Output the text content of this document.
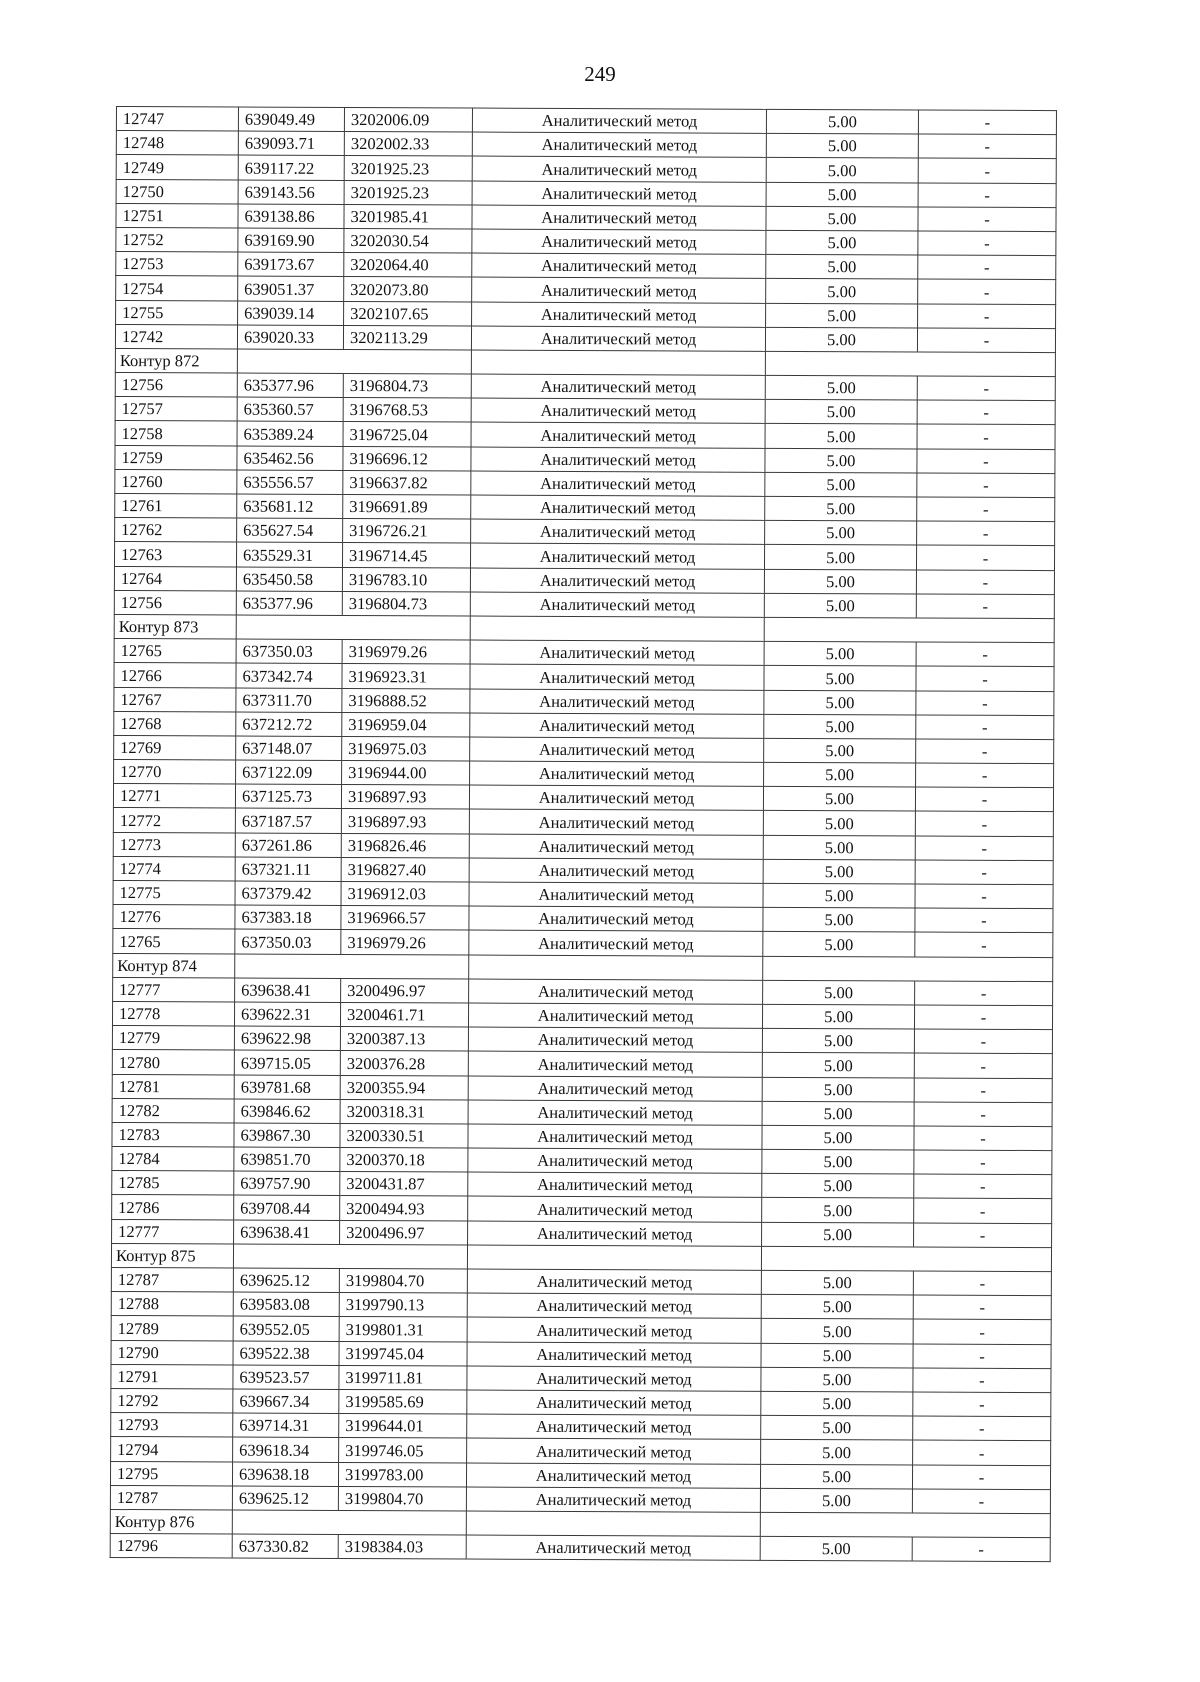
249
12747	639049.49	3202006.09	Аналитический метод	5.00	-
12748	639093.71	3202002.33	Аналитический метод	5.00	-
12749	639117.22	3201925.23	Аналитический метод	5.00	-
12750	639143.56	3201925.23	Аналитический метод	5.00	-
12751	639138.86	3201985.41	Аналитический метод	5.00	-
12752	639169.90	3202030.54	Аналитический метод	5.00	-
12753	639173.67	3202064.40	Аналитический метод	5.00	-
12754	639051.37	3202073.80	Аналитический метод	5.00	-
12755	639039.14	3202107.65	Аналитический метод	5.00	-
12742	639020.33	3202113.29	Аналитический метод	5.00	-
Контур 872					
12756	635377.96	3196804.73	Аналитический метод	5.00	-
12757	635360.57	3196768.53	Аналитический метод	5.00	-
12758	635389.24	3196725.04	Аналитический метод	5.00	-
12759	635462.56	3196696.12	Аналитический метод	5.00	-
12760	635556.57	3196637.82	Аналитический метод	5.00	-
12761	635681.12	3196691.89	Аналитический метод	5.00	-
12762	635627.54	3196726.21	Аналитический метод	5.00	-
12763	635529.31	3196714.45	Аналитический метод	5.00	-
12764	635450.58	3196783.10	Аналитический метод	5.00	-
12756	635377.96	3196804.73	Аналитический метод	5.00	-
Контур 873					
12765	637350.03	3196979.26	Аналитический метод	5.00	-
12766	637342.74	3196923.31	Аналитический метод	5.00	-
12767	637311.70	3196888.52	Аналитический метод	5.00	-
12768	637212.72	3196959.04	Аналитический метод	5.00	-
12769	637148.07	3196975.03	Аналитический метод	5.00	-
12770	637122.09	3196944.00	Аналитический метод	5.00	-
12771	637125.73	3196897.93	Аналитический метод	5.00	-
12772	637187.57	3196897.93	Аналитический метод	5.00	-
12773	637261.86	3196826.46	Аналитический метод	5.00	-
12774	637321.11	3196827.40	Аналитический метод	5.00	-
12775	637379.42	3196912.03	Аналитический метод	5.00	-
12776	637383.18	3196966.57	Аналитический метод	5.00	-
12765	637350.03	3196979.26	Аналитический метод	5.00	-
Контур 874					
12777	639638.41	3200496.97	Аналитический метод	5.00	-
12778	639622.31	3200461.71	Аналитический метод	5.00	-
12779	639622.98	3200387.13	Аналитический метод	5.00	-
12780	639715.05	3200376.28	Аналитический метод	5.00	-
12781	639781.68	3200355.94	Аналитический метод	5.00	-
12782	639846.62	3200318.31	Аналитический метод	5.00	-
12783	639867.30	3200330.51	Аналитический метод	5.00	-
12784	639851.70	3200370.18	Аналитический метод	5.00	-
12785	639757.90	3200431.87	Аналитический метод	5.00	-
12786	639708.44	3200494.93	Аналитический метод	5.00	-
12777	639638.41	3200496.97	Аналитический метод	5.00	-
Контур 875					
12787	639625.12	3199804.70	Аналитический метод	5.00	-
12788	639583.08	3199790.13	Аналитический метод	5.00	-
12789	639552.05	3199801.31	Аналитический метод	5.00	-
12790	639522.38	3199745.04	Аналитический метод	5.00	-
12791	639523.57	3199711.81	Аналитический метод	5.00	-
12792	639667.34	3199585.69	Аналитический метод	5.00	-
12793	639714.31	3199644.01	Аналитический метод	5.00	-
12794	639618.34	3199746.05	Аналитический метод	5.00	-
12795	639638.18	3199783.00	Аналитический метод	5.00	-
12787	639625.12	3199804.70	Аналитический метод	5.00	-
Контур 876					
12796	637330.82	3198384.03	Аналитический метод	5.00	-
